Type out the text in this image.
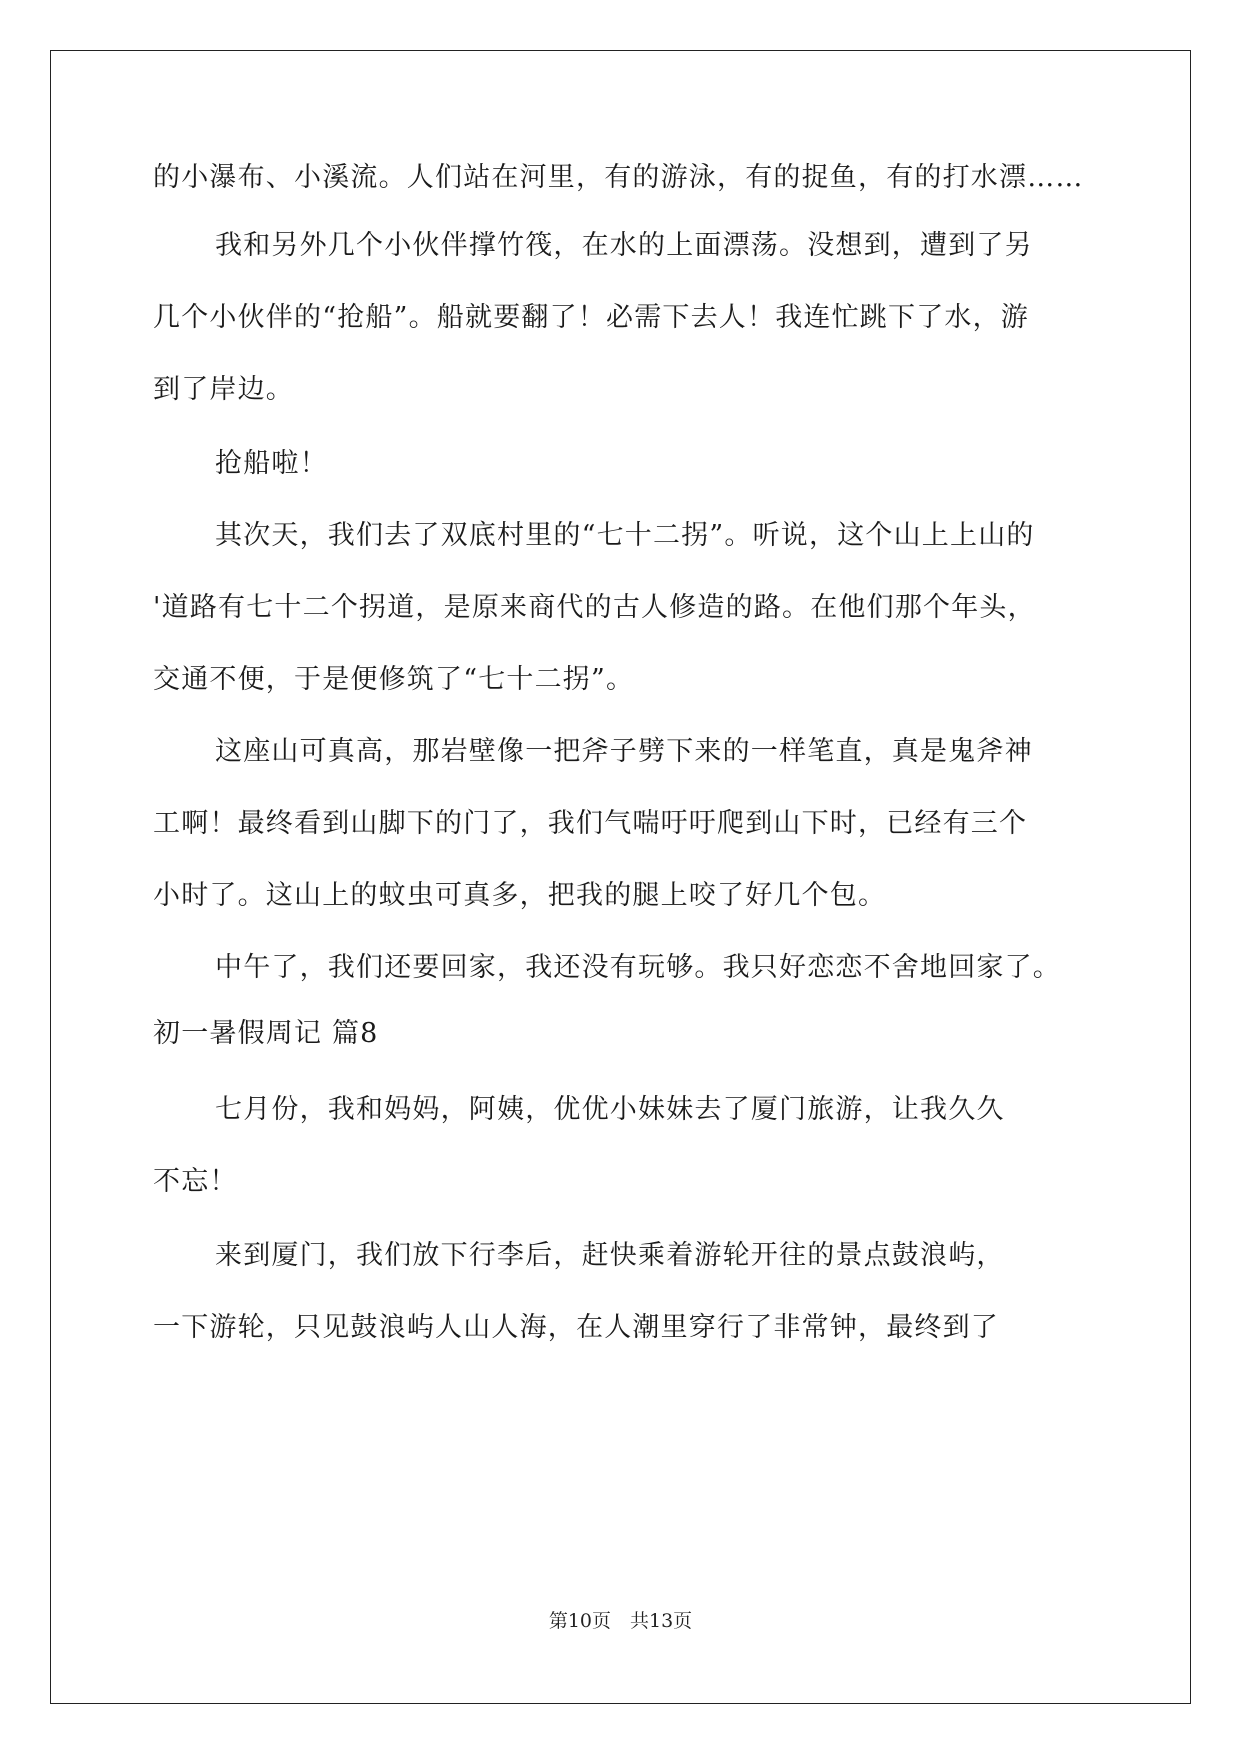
的小瀑布、小溪流。人们站在河里，有的游泳，有的捉鱼，有的打水漂……
我和另外几个小伙伴撑竹筏，在水的上面漂荡。没想到，遭到了另
几个小伙伴的“抢船”。船就要翻了！必需下去人！我连忙跳下了水，游
到了岸边。
抢船啦！
其次天，我们去了双底村里的“七十二拐”。听说，这个山上上山的
'道路有七十二个拐道，是原来商代的古人修造的路。在他们那个年头，
交通不便，于是便修筑了“七十二拐”。
这座山可真高，那岩壁像一把斧子劈下来的一样笔直，真是鬼斧神
工啊！最终看到山脚下的门了，我们气喘吁吁爬到山下时，已经有三个
小时了。这山上的蚊虫可真多，把我的腿上咬了好几个包。
中午了，我们还要回家，我还没有玩够。我只好恋恋不舍地回家了。
初一暑假周记 篇8
七月份，我和妈妈，阿姨，优优小妹妹去了厦门旅游，让我久久
不忘！
来到厦门，我们放下行李后，赶快乘着游轮开往的景点鼓浪屿，
一下游轮，只见鼓浪屿人山人海，在人潮里穿行了非常钟，最终到了
第10页　共13页
